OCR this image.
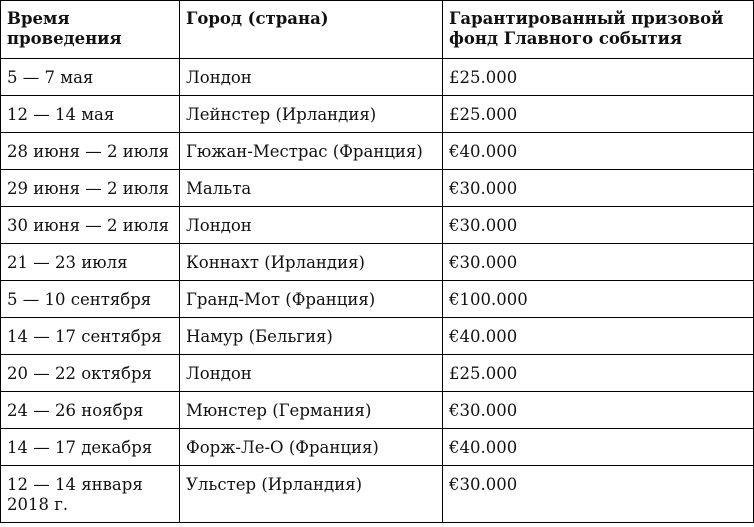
Время проведения	Город (страна)	Гарантированный призовой фонд Главного события
5 — 7 мая	Лондон	£25.000
12 — 14 мая	Лейнстер (Ирландия)	£25.000
28 июня — 2 июля	Гюжан-Местрас (Франция)	€40.000
29 июня — 2 июля	Мальта	€30.000
30 июня — 2 июля	Лондон	€30.000
21 — 23 июля	Коннахт (Ирландия)	€30.000
5 — 10 сентября	Гранд-Мот (Франция)	€100.000
14 — 17 сентября	Намур (Бельгия)	€40.000
20 — 22 октября	Лондон	£25.000
24 — 26 ноября	Мюнстер (Германия)	€30.000
14 — 17 декабря	Форж-Ле-О (Франция)	€40.000
12 — 14 января 2018 г.	Ульстер (Ирландия)	€30.000
